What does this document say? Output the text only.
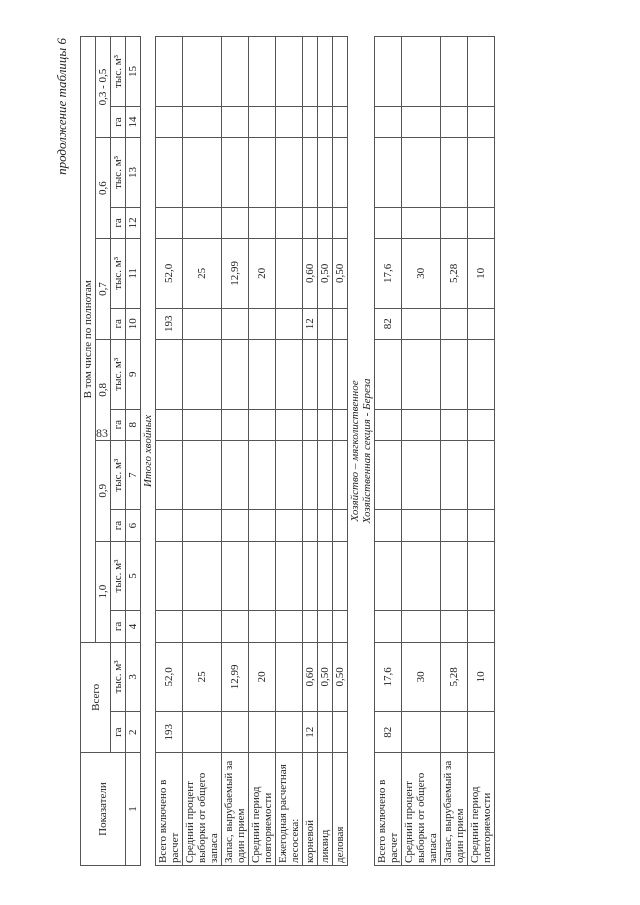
83
продолжение таблицы 6
Показатели	Всего		В том числе по полнотам											
			1,0		0,9		0,8		0,7		0,6		0,3 - 0,5	
	га	тыс. м³	га	тыс. м³	га	тыс. м³	га	тыс. м³	га	тыс. м³	га	тыс. м³	га	тыс. м³
1	2	3	4	5	6	7	8	9	10	11	12	13	14	15
Итого хвойных														
Всего включено в расчет	193	52,0							193	52,0				
Средний процент выборки от общего запаса		25								25				
Запас, вырубаемый за один прием		12,99								12,99				
Средний период повторяемости		20								20				
Ежегодная расчетная лесосека:														
корневой	12	0,60							12	0,60				
ликвид		0,50								0,50				
деловая		0,50								0,50				

Хозяйство – мягколиственное Хозяйственная секция - Береза														

Всего включено в расчет	82	17,6							82	17,6				
Средний процент выборки от общего запаса		30								30				
Запас, вырубаемый за один прием		5,28								5,28				
Средний период повторяемости		10								10				
